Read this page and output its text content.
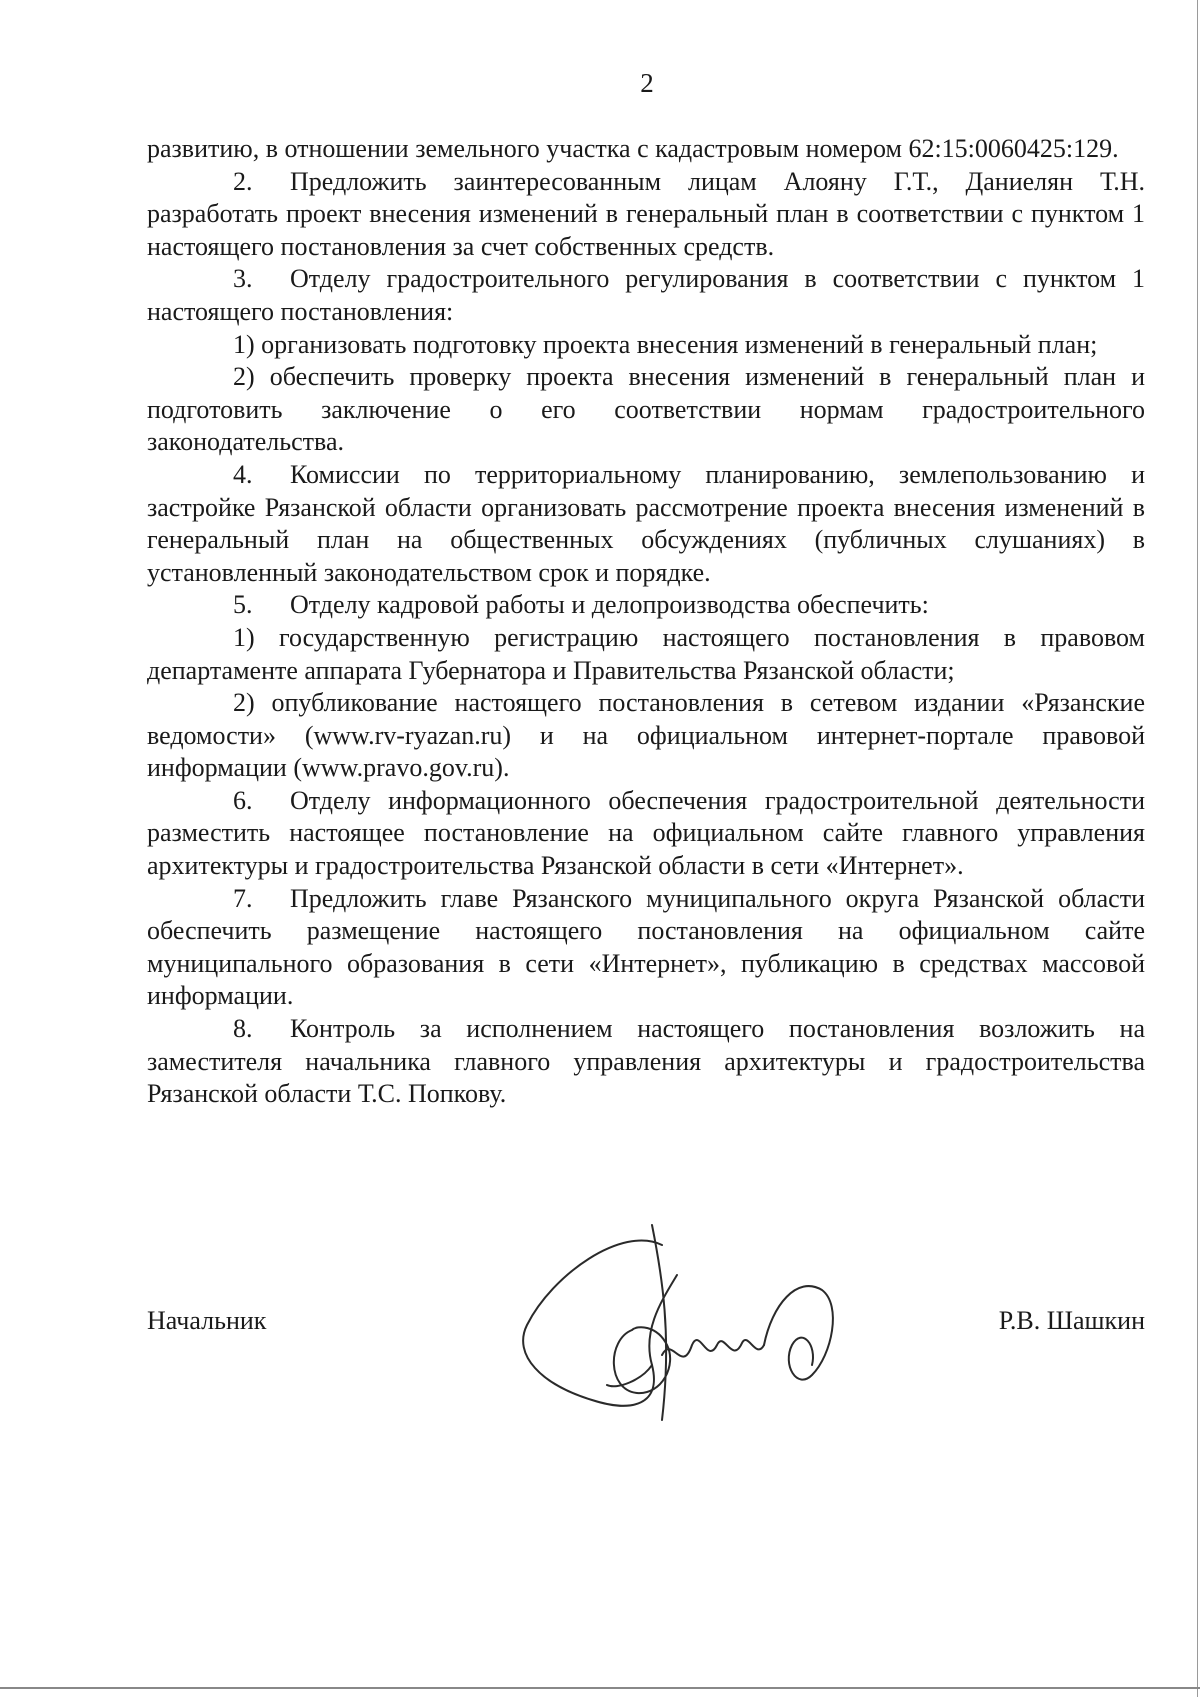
2

развитию, в отношении земельного участка с кадастровым номером 62:15:0060425:129.

2. Предложить заинтересованным лицам Алояну Г.Т., Даниелян Т.Н. разработать проект внесения изменений в генеральный план в соответствии с пунктом 1 настоящего постановления за счет собственных средств.

3. Отделу градостроительного регулирования в соответствии с пунктом 1 настоящего постановления:

1) организовать подготовку проекта внесения изменений в генеральный план;

2) обеспечить проверку проекта внесения изменений в генеральный план и подготовить заключение о его соответствии нормам градостроительного законодательства.

4. Комиссии по территориальному планированию, землепользованию и застройке Рязанской области организовать рассмотрение проекта внесения изменений в генеральный план на общественных обсуждениях (публичных слушаниях) в установленный законодательством срок и порядке.

5. Отделу кадровой работы и делопроизводства обеспечить:

1) государственную регистрацию настоящего постановления в правовом департаменте аппарата Губернатора и Правительства Рязанской области;

2) опубликование настоящего постановления в сетевом издании «Рязанские ведомости» (www.rv-ryazan.ru) и на официальном интернет-портале правовой информации (www.pravo.gov.ru).

6. Отделу информационного обеспечения градостроительной деятельности разместить настоящее постановление на официальном сайте главного управления архитектуры и градостроительства Рязанской области в сети «Интернет».

7. Предложить главе Рязанского муниципального округа Рязанской области обеспечить размещение настоящего постановления на официальном сайте муниципального образования в сети «Интернет», публикацию в средствах массовой информации.

8. Контроль за исполнением настоящего постановления возложить на заместителя начальника главного управления архитектуры и градостроительства Рязанской области Т.С. Попкову.

Начальник	Р.В. Шашкин
